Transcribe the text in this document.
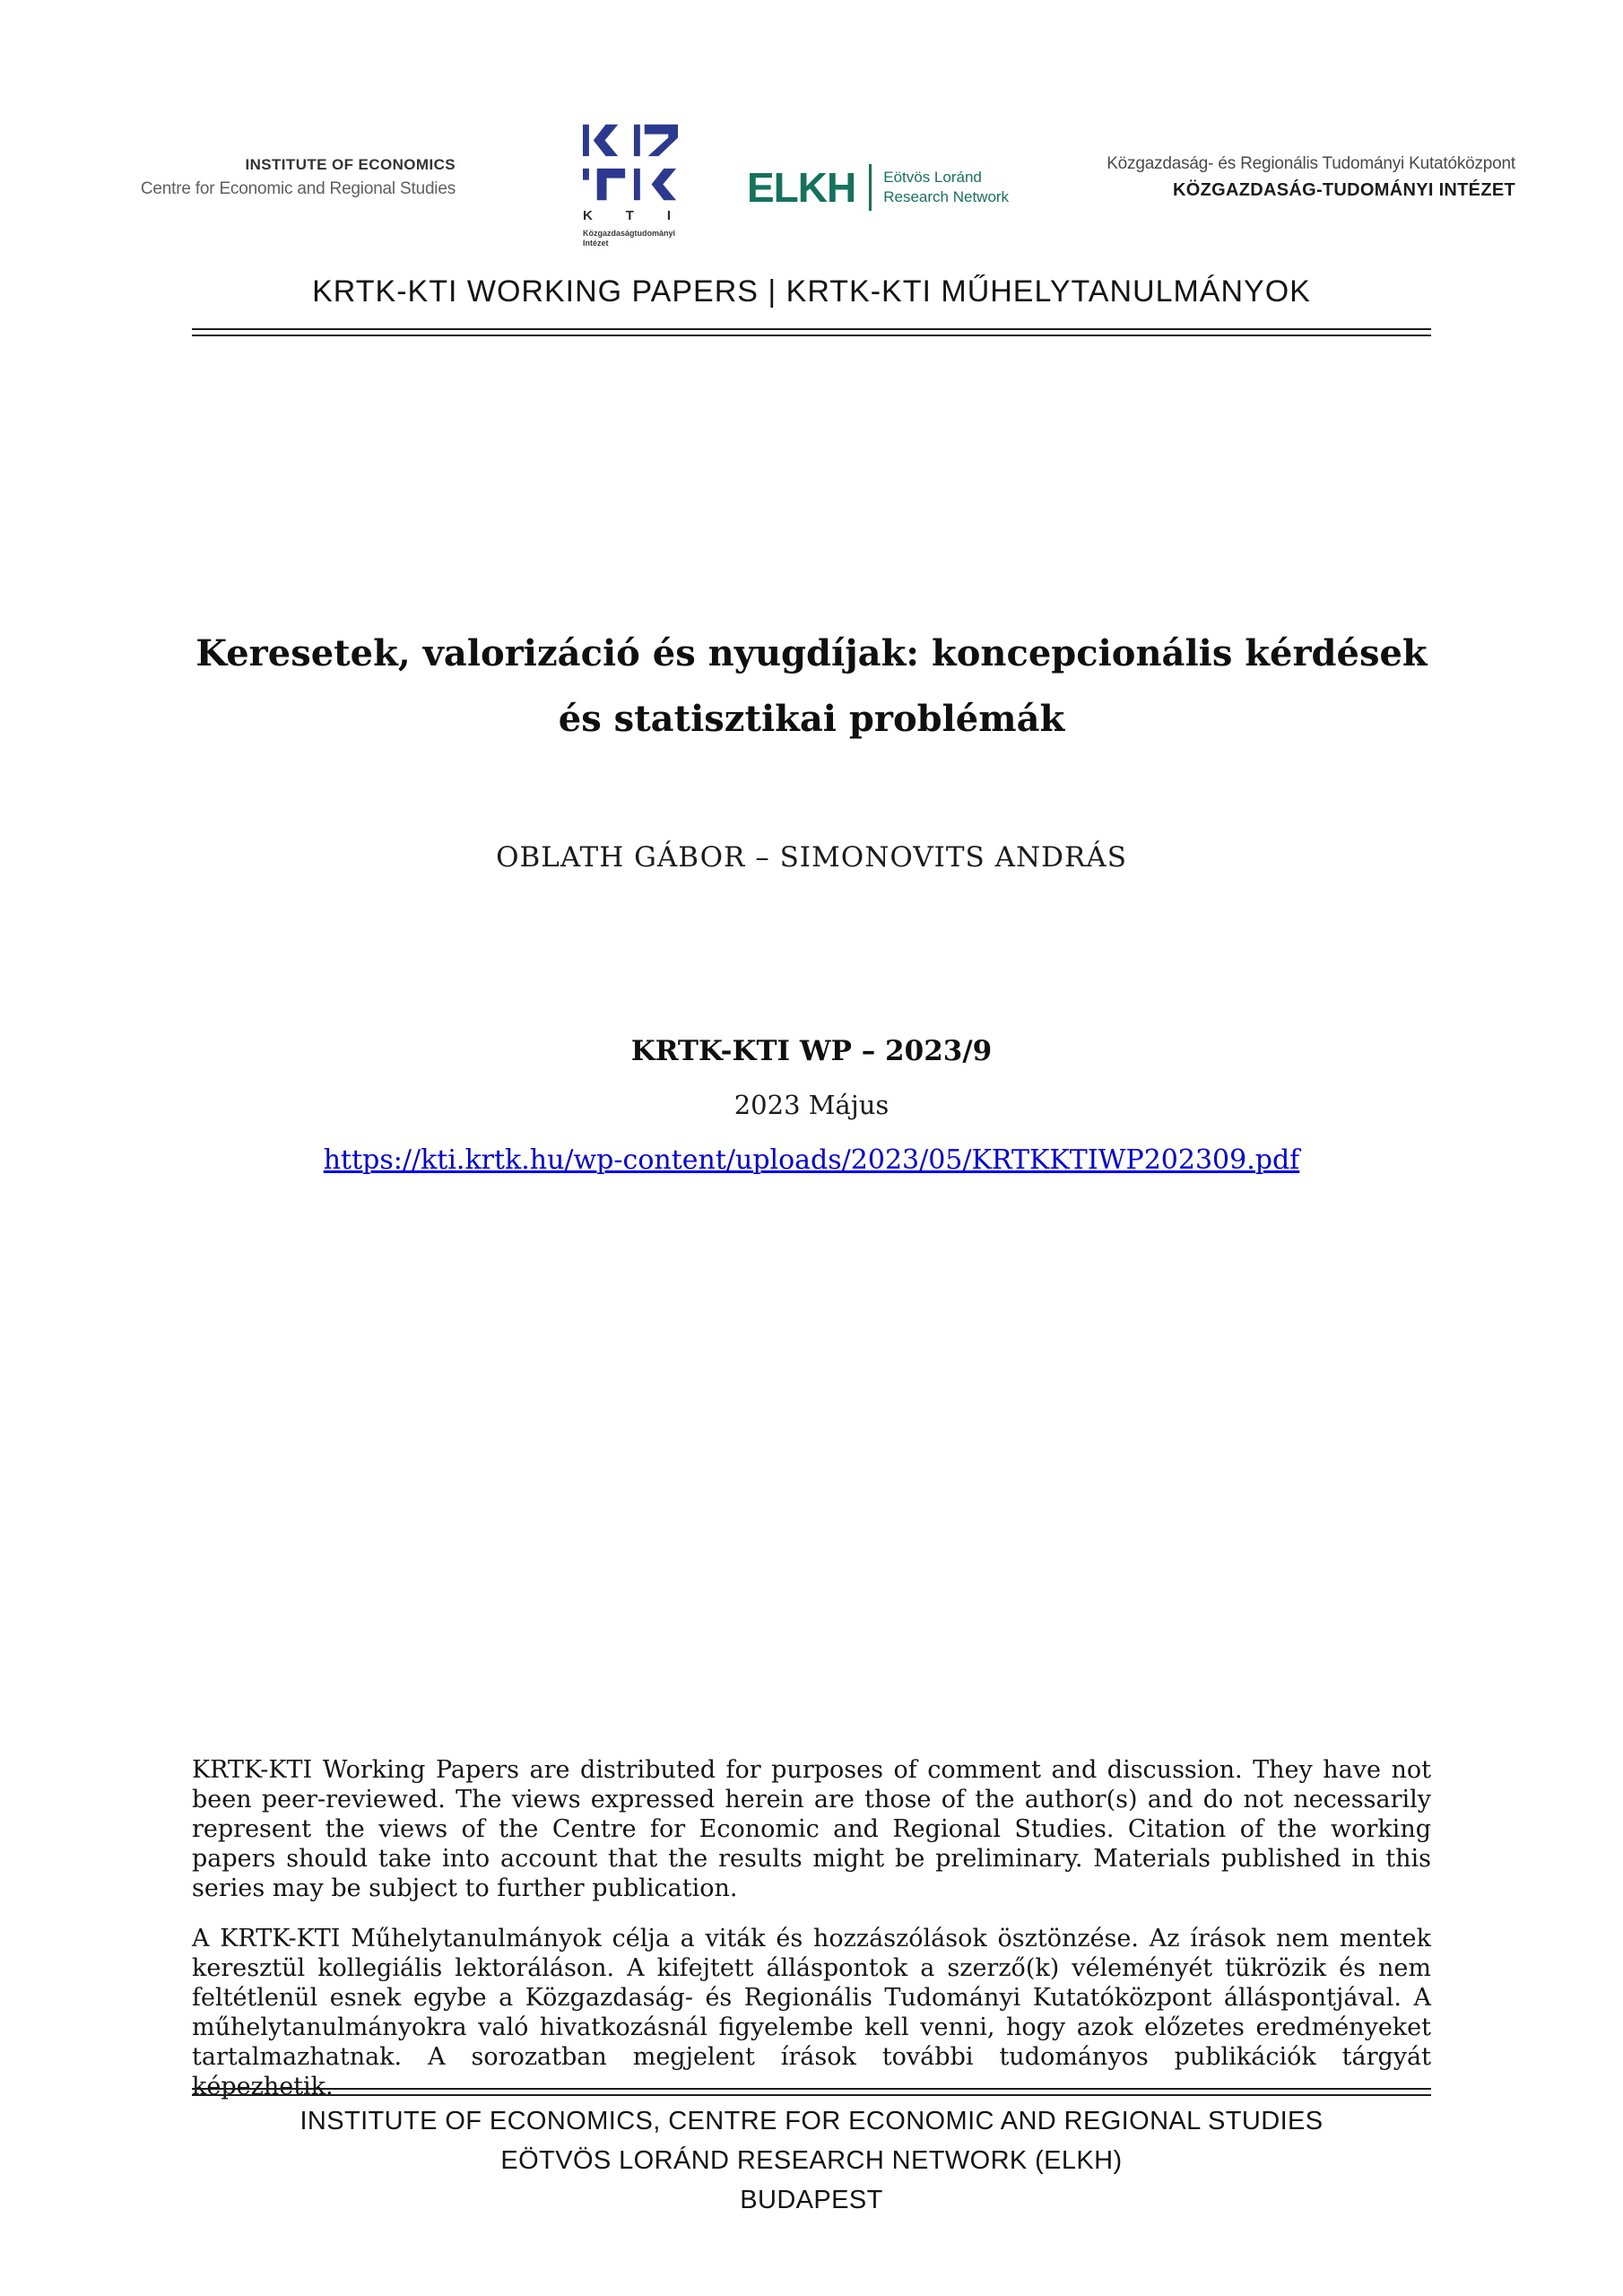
INSTITUTE OF ECONOMICS
Centre for Economic and Regional Studies
K T I
Közgazdaságtudományi
Intézet
ELKH Eötvös Loránd
Research Network
Közgazdaság- és Regionális Tudományi Kutatóközpont
KÖZGAZDASÁG-TUDOMÁNYI INTÉZET
KRTK-KTI WORKING PAPERS | KRTK-KTI MŰHELYTANULMÁNYOK
Keresetek, valorizáció és nyugdíjak: koncepcionális kérdések
és statisztikai problémák
OBLATH GÁBOR – SIMONOVITS ANDRÁS
KRTK-KTI WP – 2023/9
2023 Május
https://kti.krtk.hu/wp-content/uploads/2023/05/KRTKKTIWP202309.pdf

KRTK-KTI Working Papers are distributed for purposes of comment and discussion. They have not been peer-reviewed. The views expressed herein are those of the author(s) and do not necessarily represent the views of the Centre for Economic and Regional Studies. Citation of the working papers should take into account that the results might be preliminary. Materials published in this series may be subject to further publication.

A KRTK-KTI Műhelytanulmányok célja a viták és hozzászólások ösztönzése. Az írások nem mentek keresztül kollegiális lektoráláson. A kifejtett álláspontok a szerző(k) véleményét tükrözik és nem feltétlenül esnek egybe a Közgazdaság- és Regionális Tudományi Kutatóközpont álláspontjával. A műhelytanulmányokra való hivatkozásnál figyelembe kell venni, hogy azok előzetes eredményeket tartalmazhatnak. A sorozatban megjelent írások további tudományos publikációk tárgyát képezhetik.

INSTITUTE OF ECONOMICS, CENTRE FOR ECONOMIC AND REGIONAL STUDIES
EÖTVÖS LORÁND RESEARCH NETWORK (ELKH)
BUDAPEST
